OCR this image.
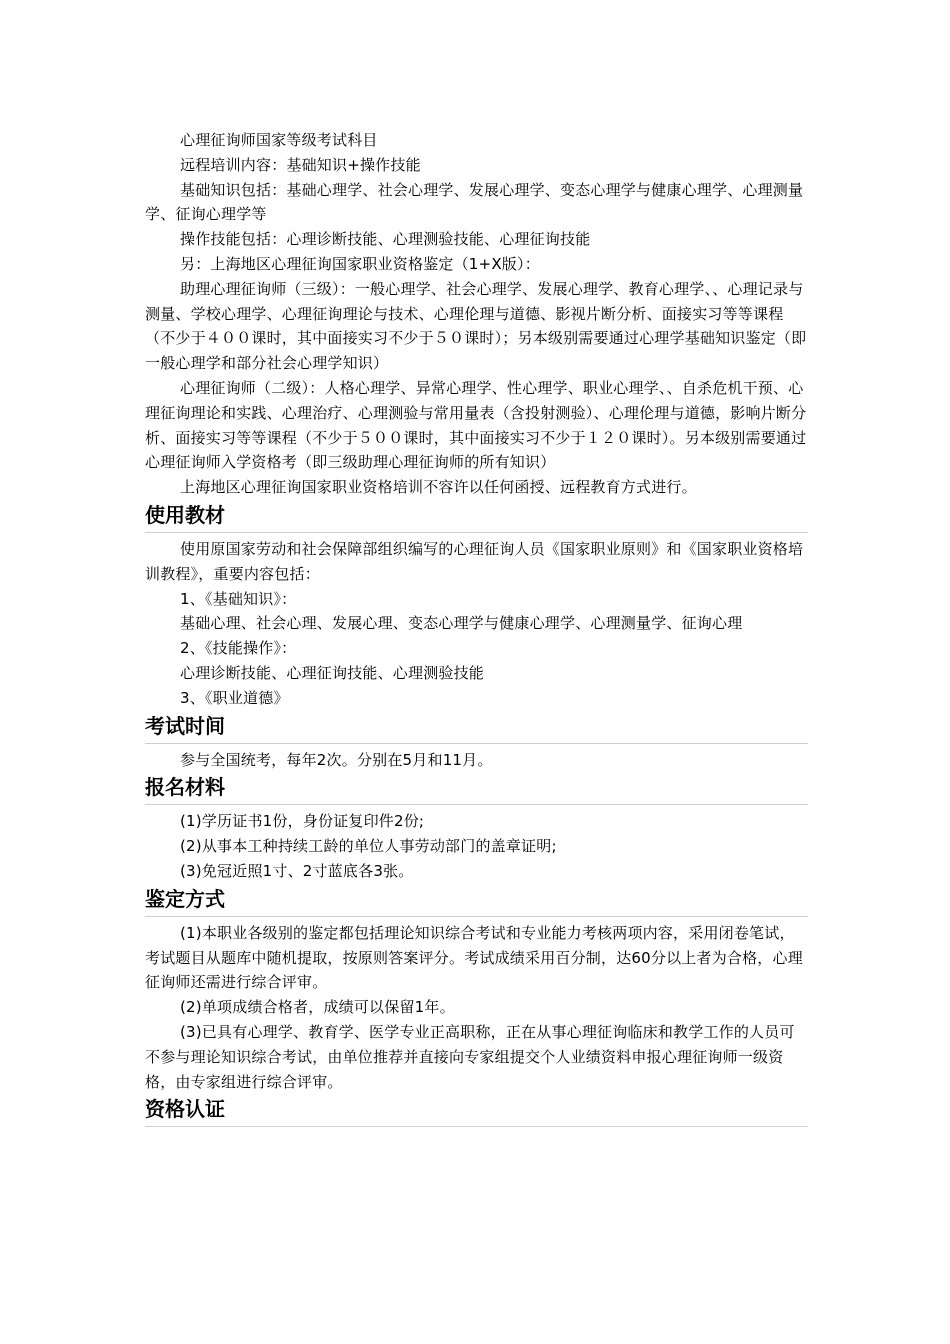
心理征询师国家等级考试科目

远程培训内容：基础知识+操作技能

基础知识包括：基础心理学、社会心理学、发展心理学、变态心理学与健康心理学、心理测量学、征询心理学等

操作技能包括：心理诊断技能、心理测验技能、心理征询技能

另：上海地区心理征询国家职业资格鉴定（1+X版）：

助理心理征询师（三级）：一般心理学、社会心理学、发展心理学、教育心理学、、心理记录与测量、学校心理学、心理征询理论与技术、心理伦理与道德、影视片断分析、面接实习等等课程（不少于４００课时，其中面接实习不少于５０课时）；另本级别需要通过心理学基础知识鉴定（即一般心理学和部分社会心理学知识）

心理征询师（二级）：人格心理学、异常心理学、性心理学、职业心理学、、自杀危机干预、心理征询理论和实践、心理治疗、心理测验与常用量表（含投射测验）、心理伦理与道德，影响片断分析、面接实习等等课程（不少于５００课时，其中面接实习不少于１２０课时）。另本级别需要通过心理征询师入学资格考（即三级助理心理征询师的所有知识）

上海地区心理征询国家职业资格培训不容许以任何函授、远程教育方式进行。

使用教材

使用原国家劳动和社会保障部组织编写的心理征询人员《国家职业原则》和《国家职业资格培训教程》，重要内容包括：

1、《基础知识》：

基础心理、社会心理、发展心理、变态心理学与健康心理学、心理测量学、征询心理

2、《技能操作》：

心理诊断技能、心理征询技能、心理测验技能

3、《职业道德》

考试时间

参与全国统考，每年2次。分别在5月和11月。

报名材料

(1)学历证书1份，身份证复印件2份;

(2)从事本工种持续工龄的单位人事劳动部门的盖章证明;

(3)免冠近照1寸、2寸蓝底各3张。

鉴定方式

(1)本职业各级别的鉴定都包括理论知识综合考试和专业能力考核两项内容，采用闭卷笔试，考试题目从题库中随机提取，按原则答案评分。考试成绩采用百分制，达60分以上者为合格，心理征询师还需进行综合评审。

(2)单项成绩合格者，成绩可以保留1年。

(3)已具有心理学、教育学、医学专业正高职称，正在从事心理征询临床和教学工作的人员可不参与理论知识综合考试，由单位推荐并直接向专家组提交个人业绩资料申报心理征询师一级资格，由专家组进行综合评审。

资格认证
